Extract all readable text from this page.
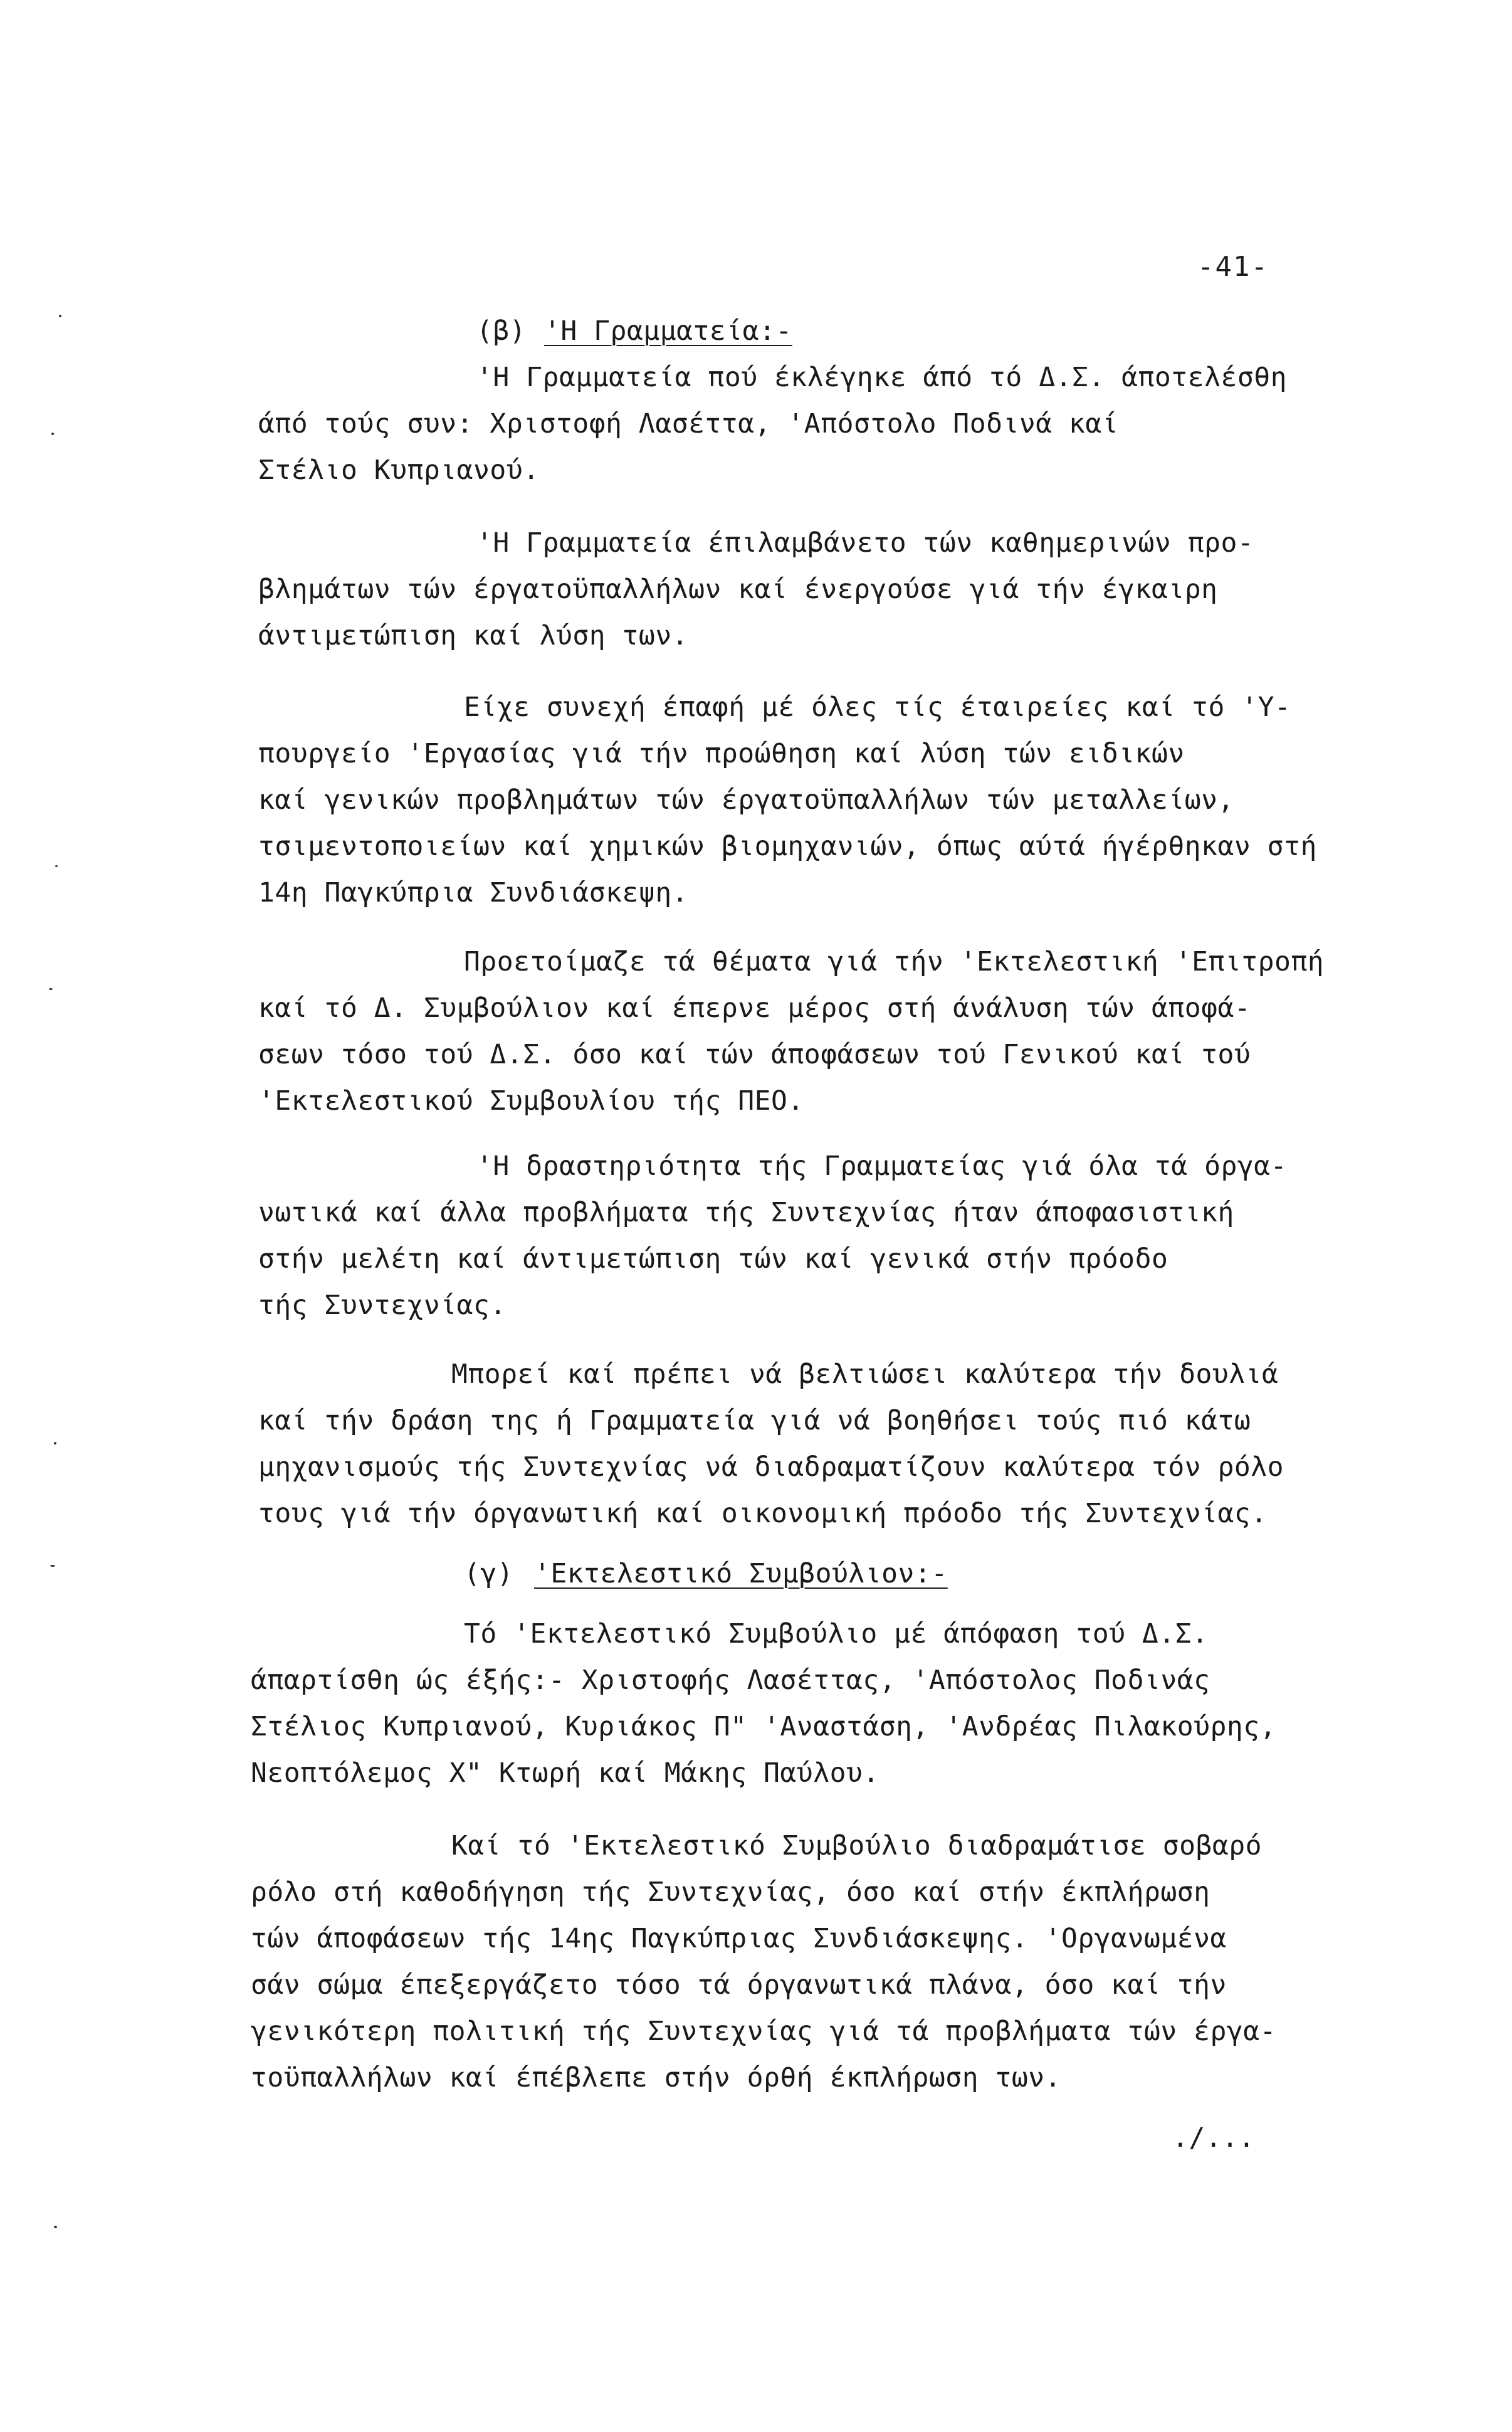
-41-
(β) 'Η Γραμματεία:-
'Η Γραμματεία πού έκλέγηκε άπό τό Δ.Σ. άποτελέσθη
άπό τούς συν: Χριστοφή Λασέττα, 'Απόστολο Ποδινά καί
Στέλιο Κυπριανού.
'Η Γραμματεία έπιλαμβάνετο τών καθημερινών προ-
βλημάτων τών έργατοϋπαλλήλων καί ένεργούσε γιά τήν έγκαιρη
άντιμετώπιση καί λύση των.
Είχε συνεχή έπαφή μέ όλες τίς έταιρείες καί τό 'Υ-
πουργείο 'Εργασίας γιά τήν προώθηση καί λύση τών ειδικών
καί γενικών προβλημάτων τών έργατοϋπαλλήλων τών μεταλλείων,
τσιμεντοποιείων καί χημικών βιομηχανιών, όπως αύτά ήγέρθηκαν στή
14η Παγκύπρια Συνδιάσκεψη.
Προετοίμαζε τά θέματα γιά τήν 'Εκτελεστική 'Επιτροπή
καί τό Δ. Συμβούλιον καί έπερνε μέρος στή άνάλυση τών άποφά-
σεων τόσο τού Δ.Σ. όσο καί τών άποφάσεων τού Γενικού καί τού
'Εκτελεστικού Συμβουλίου τής ΠΕΟ.
'Η δραστηριότητα τής Γραμματείας γιά όλα τά όργα-
νωτικά καί άλλα προβλήματα τής Συντεχνίας ήταν άποφασιστική
στήν μελέτη καί άντιμετώπιση τών καί γενικά στήν πρόοδο
τής Συντεχνίας.
Μπορεί καί πρέπει νά βελτιώσει καλύτερα τήν δουλιά
καί τήν δράση της ή Γραμματεία γιά νά βοηθήσει τούς πιό κάτω
μηχανισμούς τής Συντεχνίας νά διαδραματίζουν καλύτερα τόν ρόλο
τους γιά τήν όργανωτική καί οικονομική πρόοδο τής Συντεχνίας.
(γ) 'Εκτελεστικό Συμβούλιον:-
Τό 'Εκτελεστικό Συμβούλιο μέ άπόφαση τού Δ.Σ.
άπαρτίσθη ώς έξής:- Χριστοφής Λασέττας, 'Απόστολος Ποδινάς
Στέλιος Κυπριανού, Κυριάκος Π" 'Αναστάση, 'Ανδρέας Πιλακούρης,
Νεοπτόλεμος Χ" Κτωρή καί Μάκης Παύλου.
Καί τό 'Εκτελεστικό Συμβούλιο διαδραμάτισε σοβαρό
ρόλο στή καθοδήγηση τής Συντεχνίας, όσο καί στήν έκπλήρωση
τών άποφάσεων τής 14ης Παγκύπριας Συνδιάσκεψης. 'Οργανωμένα
σάν σώμα έπεξεργάζετο τόσο τά όργανωτικά πλάνα, όσο καί τήν
γενικότερη πολιτική τής Συντεχνίας γιά τά προβλήματα τών έργα-
τοϋπαλλήλων καί έπέβλεπε στήν όρθή έκπλήρωση των.
./...
